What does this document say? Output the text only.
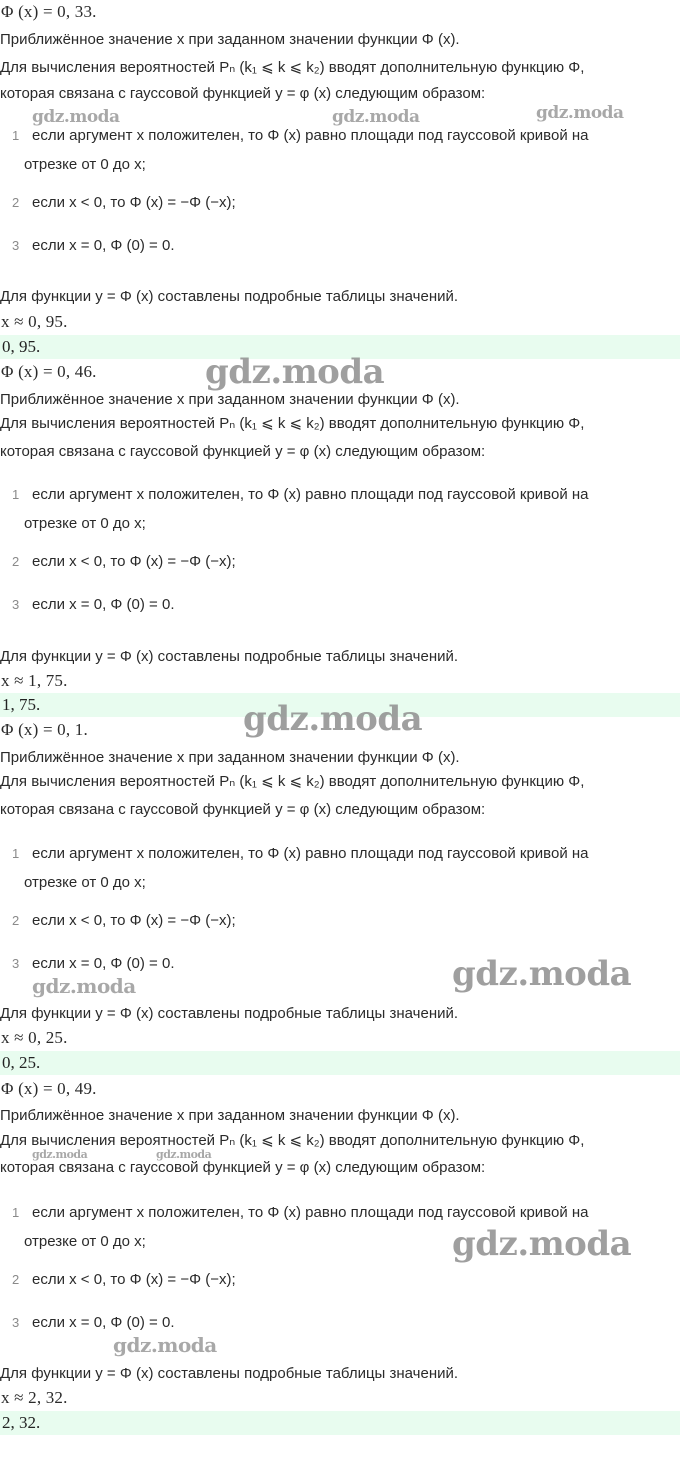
Φ (x) = 0, 33.
Приближённое значение x при заданном значении функции Φ (x).
Для вычисления вероятностей Pₙ (k₁ ⩽ k ⩽ k₂) вводят дополнительную функцию Φ,
которая связана с гауссовой функцией y = φ (x) следующим образом:
1 если аргумент x положителен, то Φ (x) равно площади под гауссовой кривой на
отрезке от 0 до x;
2 если x < 0, то Φ (x) = −Φ (−x);
3 если x = 0, Φ (0) = 0.
Для функции y = Φ (x) составлены подробные таблицы значений.
x ≈ 0, 95.
0, 95.
Φ (x) = 0, 46.
Приближённое значение x при заданном значении функции Φ (x).
Для вычисления вероятностей Pₙ (k₁ ⩽ k ⩽ k₂) вводят дополнительную функцию Φ,
которая связана с гауссовой функцией y = φ (x) следующим образом:
1 если аргумент x положителен, то Φ (x) равно площади под гауссовой кривой на
отрезке от 0 до x;
2 если x < 0, то Φ (x) = −Φ (−x);
3 если x = 0, Φ (0) = 0.
Для функции y = Φ (x) составлены подробные таблицы значений.
x ≈ 1, 75.
1, 75.
Φ (x) = 0, 1.
Приближённое значение x при заданном значении функции Φ (x).
Для вычисления вероятностей Pₙ (k₁ ⩽ k ⩽ k₂) вводят дополнительную функцию Φ,
которая связана с гауссовой функцией y = φ (x) следующим образом:
1 если аргумент x положителен, то Φ (x) равно площади под гауссовой кривой на
отрезке от 0 до x;
2 если x < 0, то Φ (x) = −Φ (−x);
3 если x = 0, Φ (0) = 0.
Для функции y = Φ (x) составлены подробные таблицы значений.
x ≈ 0, 25.
0, 25.
Φ (x) = 0, 49.
Приближённое значение x при заданном значении функции Φ (x).
Для вычисления вероятностей Pₙ (k₁ ⩽ k ⩽ k₂) вводят дополнительную функцию Φ,
которая связана с гауссовой функцией y = φ (x) следующим образом:
1 если аргумент x положителен, то Φ (x) равно площади под гауссовой кривой на
отрезке от 0 до x;
2 если x < 0, то Φ (x) = −Φ (−x);
3 если x = 0, Φ (0) = 0.
Для функции y = Φ (x) составлены подробные таблицы значений.
x ≈ 2, 32.
2, 32.
gdz.moda	gdz.moda	gdz.moda
gdz.moda
gdz.moda
gdz.moda
gdz.moda
gdz.moda	gdz.moda
gdz.moda
gdz.moda
